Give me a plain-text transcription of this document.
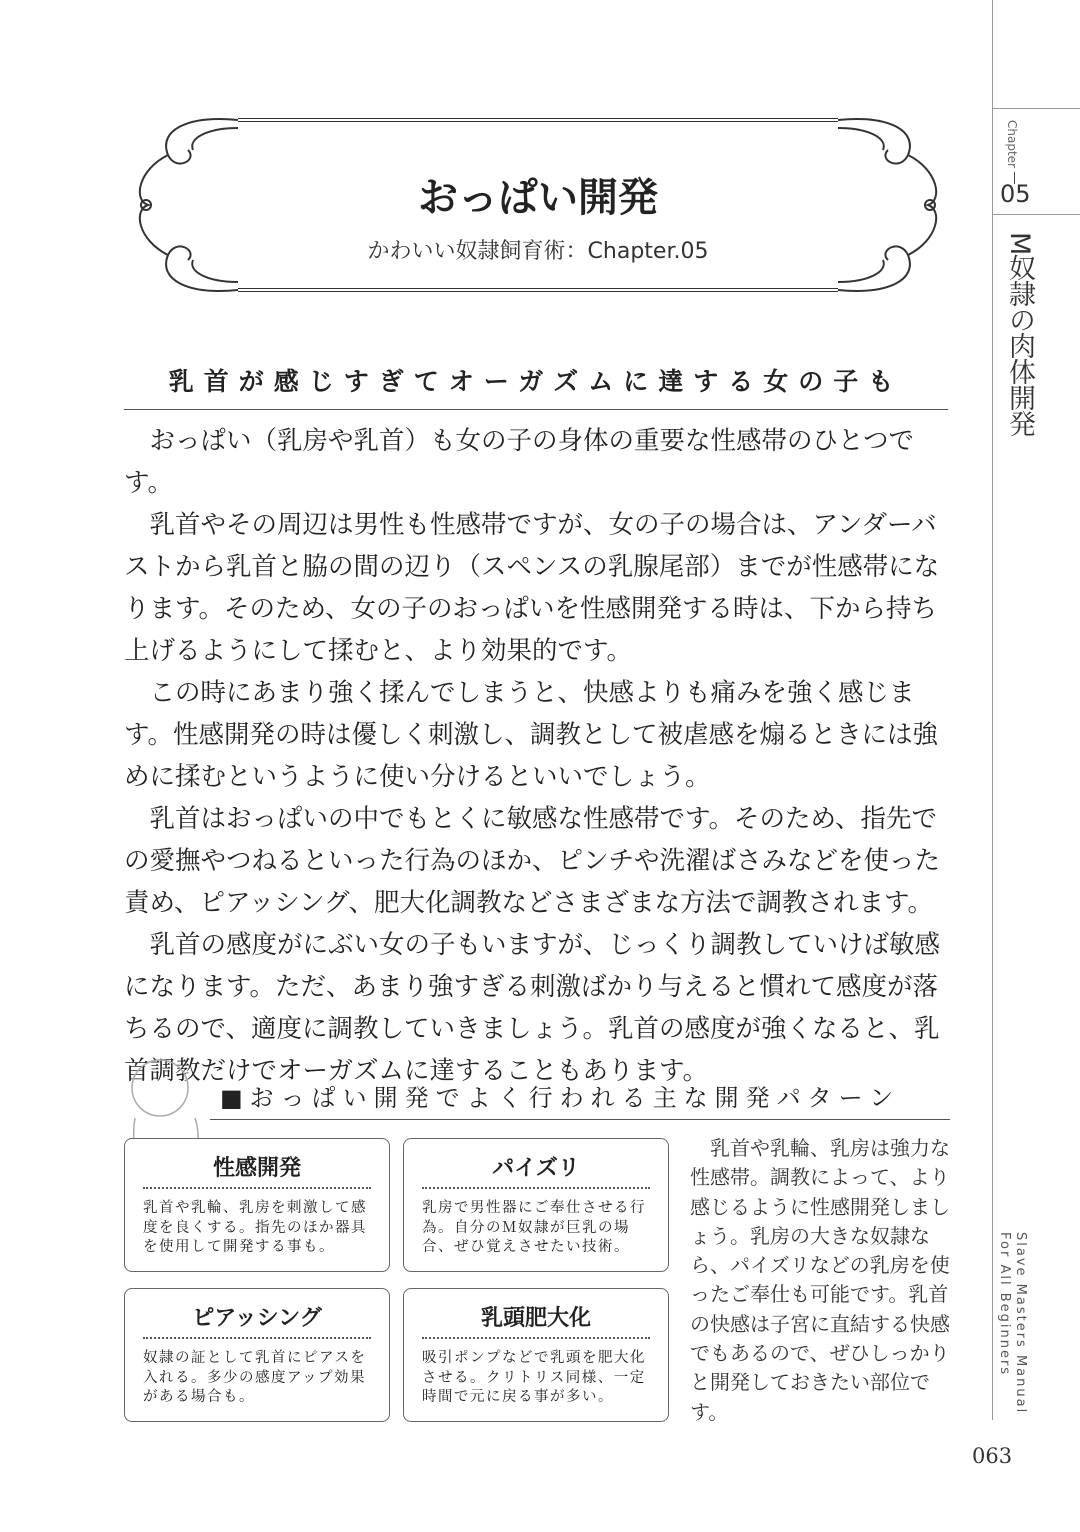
おっぱい開発
かわいい奴隷飼育術：Chapter.05
乳首が感じすぎてオーガズムに達する女の子も

おっぱい（乳房や乳首）も女の子の身体の重要な性感帯のひとつです。

乳首やその周辺は男性も性感帯ですが、女の子の場合は、アンダーバストから乳首と脇の間の辺り（スペンスの乳腺尾部）までが性感帯になります。そのため、女の子のおっぱいを性感開発する時は、下から持ち上げるようにして揉むと、より効果的です。

この時にあまり強く揉んでしまうと、快感よりも痛みを強く感じます。性感開発の時は優しく刺激し、調教として被虐感を煽るときには強めに揉むというように使い分けるといいでしょう。

乳首はおっぱいの中でもとくに敏感な性感帯です。そのため、指先での愛撫やつねるといった行為のほか、ピンチや洗濯ばさみなどを使った責め、ピアッシング、肥大化調教などさまざまな方法で調教されます。

乳首の感度がにぶい女の子もいますが、じっくり調教していけば敏感になります。ただ、あまり強すぎる刺激ばかり与えると慣れて感度が落ちるので、適度に調教していきましょう。乳首の感度が強くなると、乳首調教だけでオーガズムに達することもあります。

■おっぱい開発でよく行われる主な開発パターン
性感開発

乳首や乳輪、乳房を刺激して感度を良くする。指先のほか器具を使用して開発する事も。

パイズリ

乳房で男性器にご奉仕させる行為。自分のＭ奴隷が巨乳の場合、ぜひ覚えさせたい技術。

ピアッシング

奴隷の証として乳首にピアスを入れる。多少の感度アップ効果がある場合も。

乳頭肥大化

吸引ポンプなどで乳頭を肥大化させる。クリトリス同様、一定時間で元に戻る事が多い。

乳首や乳輪、乳房は強力な性感帯。調教によって、より感じるように性感開発しましょう。乳房の大きな奴隷なら、パイズリなどの乳房を使ったご奉仕も可能です。乳首の快感は子宮に直結する快感でもあるので、ぜひしっかりと開発しておきたい部位です。
Chapter
05
M奴隷の肉体開発
Slave Masters Manual
For All Beginners
063
